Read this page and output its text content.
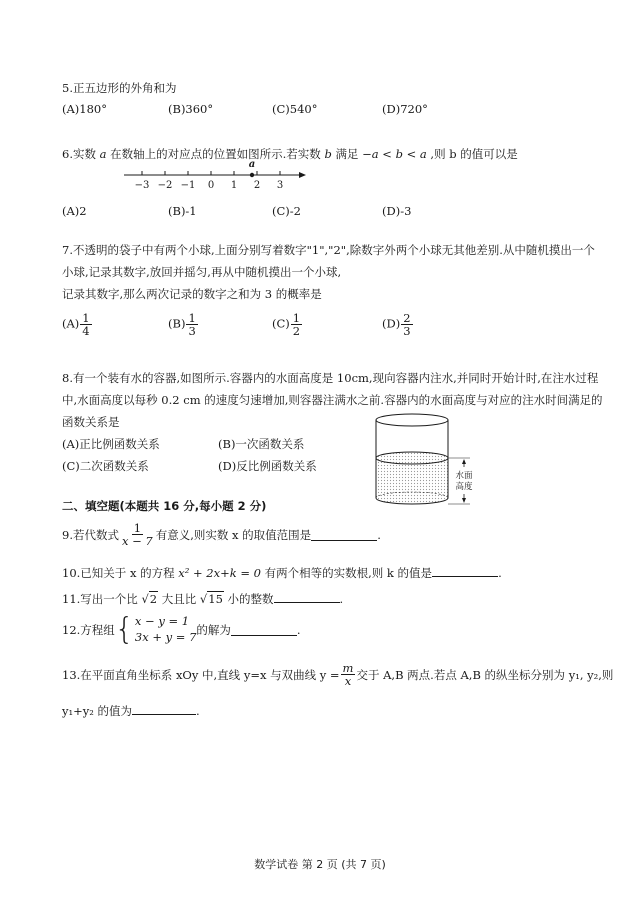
5.正五边形的外角和为
(A)180°	(B)360°	(C)540°	(D)720°
6.实数 a 在数轴上的对应点的位置如图所示.若实数 b 满足 −a < b < a ,则 b 的值可以是
−3 −2 −1 0 1 2 3
a
(A)2	(B)-1	(C)-2	(D)-3
7.不透明的袋子中有两个小球,上面分别写着数字"1","2",除数字外两个小球无其他差别.从中随机摸出一个
小球,记录其数字,放回并摇匀,再从中随机摸出一个小球,
记录其数字,那么两次记录的数字之和为 3 的概率是
$(A) \frac{1}{4}$	$(B) \frac{1}{3}$	$(C) \frac{1}{2}$	$(D) \frac{2}{3}$
8.有一个装有水的容器,如图所示.容器内的水面高度是 10cm,现向容器内注水,并同时开始计时,在注水过程
中,水面高度以每秒 0.2 cm 的速度匀速增加,则容器注满水之前.容器内的水面高度与对应的注水时间满足的
函数关系是
(A)正比例函数关系	(B)一次函数关系
(C)二次函数关系	(D)反比例函数关系
水面
高度
二、填空题(本题共 16 分,每小题 2 分)
9.若代数式 $\frac{1}{x - 7}$ 有意义,则实数 x 的取值范围是	.
10.已知关于 x 的方程 x² + 2x+k = 0 有两个相等的实数根,则 k 的值是	.
11.写出一个比 √2 大且比 √15 小的整数	.
12.方程组 { x − y = 1
3x + y = 7 的解为	.
13.在平面直角坐标系 xOy 中,直线 y=x 与双曲线 $y = \frac{m}{x}$ 交于 A,B 两点.若点 A,B 的纵坐标分别为 y₁, y₂,则
y₁+y₂ 的值为	.
数学试卷 第 2 页 (共 7 页)
